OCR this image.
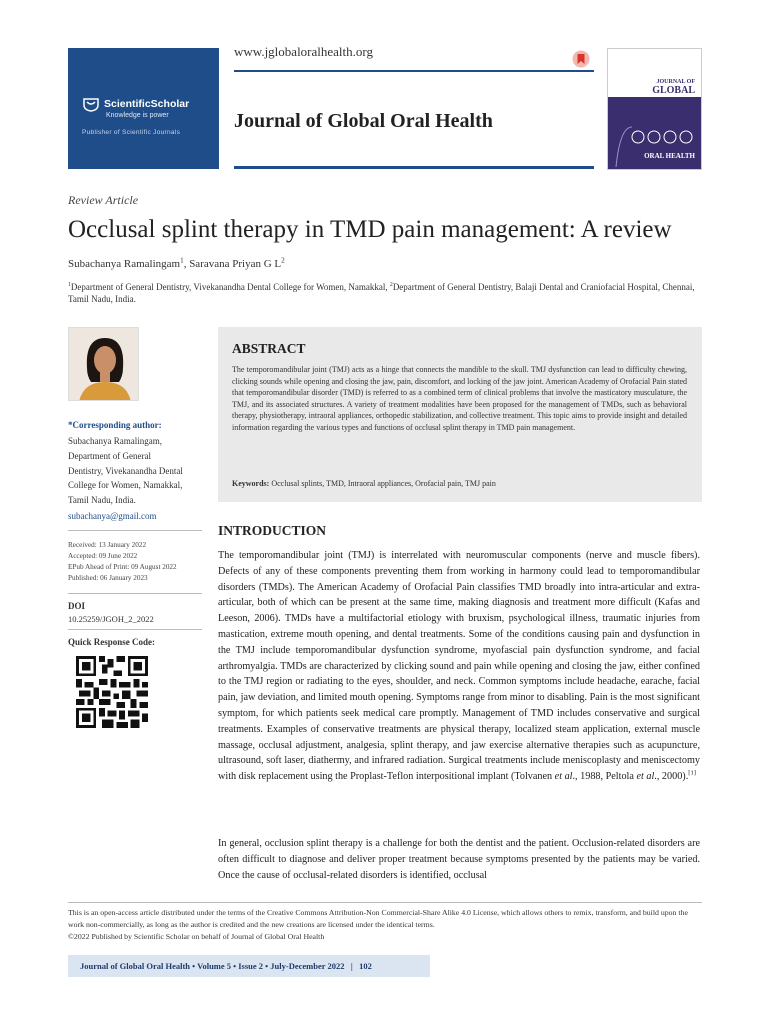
ScientificScholar
Knowledge is power
Publisher of Scientific Journals
www.jglobaloralhealth.org
Journal of Global Oral Health
JOURNAL OF
GLOBAL
ORAL HEALTH
Review Article
Occlusal splint therapy in TMD pain management: A review
Subachanya Ramalingam$^1$, Saravana Priyan G $L^2$
$^1$Department of General Dentistry, Vivekanandha Dental College for Women, Namakkal, $^2$Department of General Dentistry, Balaji Dental and Craniofacial Hospital, Chennai, Tamil Nadu, India.
*Corresponding author:
Subachanya Ramalingam,
Department of General
Dentistry, Vivekanandha Dental
College for Women, Namakkal,
Tamil Nadu, India.
subachanya@gmail.com
Received: 13 January 2022
Accepted: 09 June 2022
EPub Ahead of Print: 09 August 2022
Published: 06 January 2023
DOI
10.25259/JGOH_2_2022
Quick Response Code:
ABSTRACT
The temporomandibular joint (TMJ) acts as a hinge that connects the mandible to the skull. TMJ dysfunction can lead to difficulty chewing, clicking sounds while opening and closing the jaw, pain, discomfort, and locking of the jaw joint. American Academy of Orofacial Pain stated that temporomandibular disorder (TMD) is referred to as a combined term of clinical problems that involve the masticatory musculature, the TMJ, and its associated structures. A variety of treatment modalities have been proposed for the management of TMDs, such as behavioral therapy, physiotherapy, intraoral appliances, orthopedic stabilization, and collective treatment. This topic aims to provide insight and detailed information regarding the various types and functions of occlusal splint therapy in TMD pain management.
Keywords: Occlusal splints, TMD, Intraoral appliances, Orofacial pain, TMJ pain
INTRODUCTION
The temporomandibular joint (TMJ) is interrelated with neuromuscular components (nerve and muscle fibers). Defects of any of these components preventing them from working in harmony could lead to temporomandibular disorders (TMDs). The American Academy of Orofacial Pain classifies TMD broadly into intra-articular and extra-articular, both of which can be present at the same time, making diagnosis and treatment more difficult (Kafas and Leeson, 2006). TMDs have a multifactorial etiology with bruxism, psychological illness, traumatic injuries from mastication, extreme mouth opening, and dental treatments. Some of the conditions causing pain and dysfunction in the TMJ include temporomandibular dysfunction syndrome, myofascial pain dysfunction syndrome, and facial arthromyalgia. TMDs are characterized by clicking sound and pain while opening and closing the jaw, either confined to the TMJ region or radiating to the eyes, shoulder, and neck. Common symptoms include headache, earache, facial pain, jaw deviation, and limited mouth opening. Symptoms range from minor to disabling. Pain is the most significant symptom, for which patients seek medical care promptly. Management of TMD includes conservative and surgical treatments. Examples of conservative treatments are physical therapy, localized steam application, external muscle massage, occlusal adjustment, analgesia, splint therapy, and jaw exercise alternative therapies such as acupuncture, ultrasound, soft laser, diathermy, and infrared radiation. Surgical treatments include meniscoplasty and meniscectomy with disk replacement using the Proplast-Teflon interpositional implant (Tolvanen et al., 1988, Peltola et al., 2000).[1]
In general, occlusion splint therapy is a challenge for both the dentist and the patient. Occlusion-related disorders are often difficult to diagnose and deliver proper treatment because symptoms presented by the patients may be varied. Once the cause of occlusal-related disorders is identified, occlusal
This is an open-access article distributed under the terms of the Creative Commons Attribution-Non Commercial-Share Alike 4.0 License, which allows others to remix, transform, and build upon the work non-commercially, as long as the author is credited and the new creations are licensed under the identical terms.
©2022 Published by Scientific Scholar on behalf of Journal of Global Oral Health
Journal of Global Oral Health • Volume 5 • Issue 2 • July-December 2022 | 102
